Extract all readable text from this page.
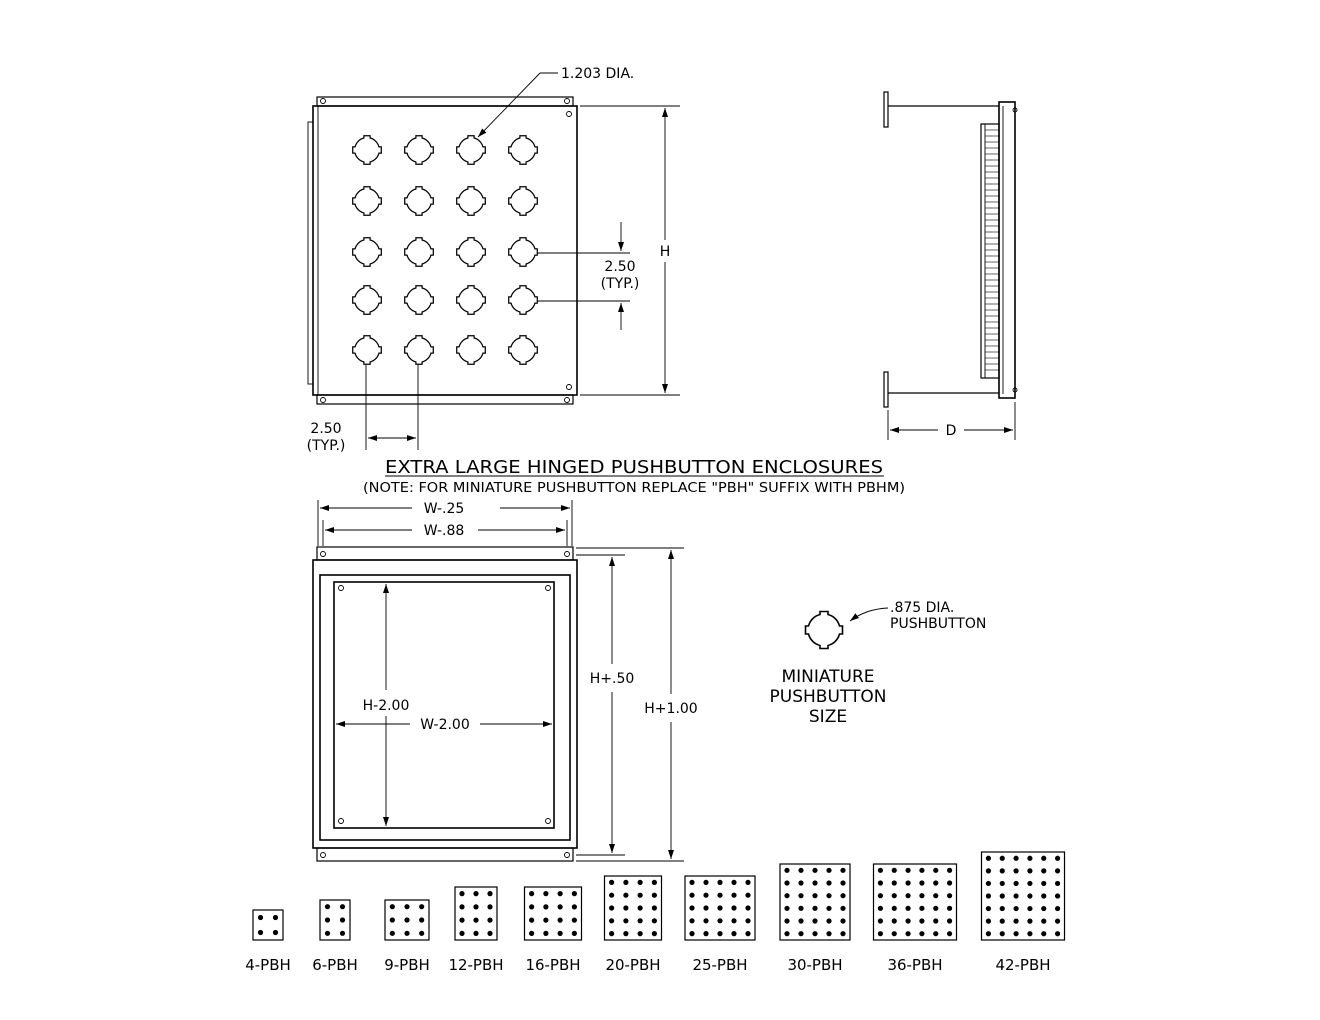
1.203 DIA.
H
2.50
(TYP.)
2.50
(TYP.)
D
EXTRA LARGE HINGED PUSHBUTTON ENCLOSURES
(NOTE: FOR MINIATURE PUSHBUTTON REPLACE "PBH" SUFFIX WITH PBHM)
W-.25
W-.88
H-2.00
W-2.00
H+.50
H+1.00
.875 DIA.
PUSHBUTTON
MINIATURE
PUSHBUTTON
SIZE
4-PBH 6-PBH 9-PBH 12-PBH 16-PBH 20-PBH 25-PBH	30-PBH	36-PBH	42-PBH
